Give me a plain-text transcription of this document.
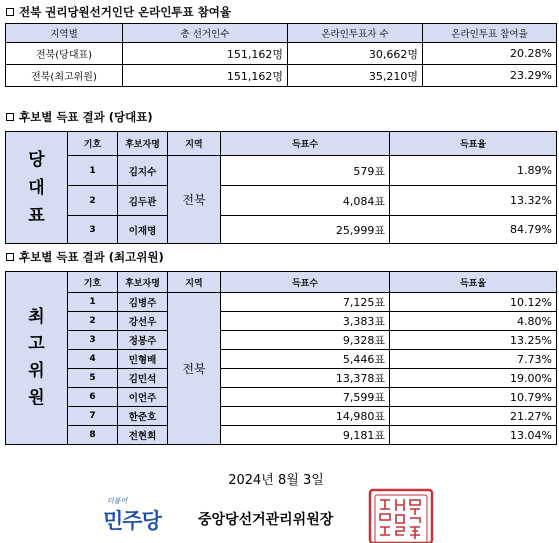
전북 권리당원선거인단 온라인투표 참여율
지역별	총 선거인수	온라인투표자 수	온라인투표 참여율
전북(당대표)	151,162명	30,662명	20.28%
전북(최고위원)	151,162명	35,210명	23.29%
후보별 득표 결과 (당대표)
당대표	기호	후보자명	지역	득표수	득표율
	1	김지수	전북	579표	1.89%
	2	김두관		4,084표	13.32%
	3	이재명		25,999표	84.79%
후보별 득표 결과 (최고위원)
최고위원	기호	후보자명	지역	득표수	득표율
	1	김병주	전북	7,125표	10.12%
	2	강선우		3,383표	4.80%
	3	정봉주		9,328표	13.25%
	4	민형배		5,446표	7.73%
	5	김민석		13,378표	19.00%
	6	이언주		7,599표	10.79%
	7	한준호		14,980표	21.27%
	8	전현희		9,181표	13.04%
2024년 8월 3일
더불어
민주당	중앙당선거관리위원장
